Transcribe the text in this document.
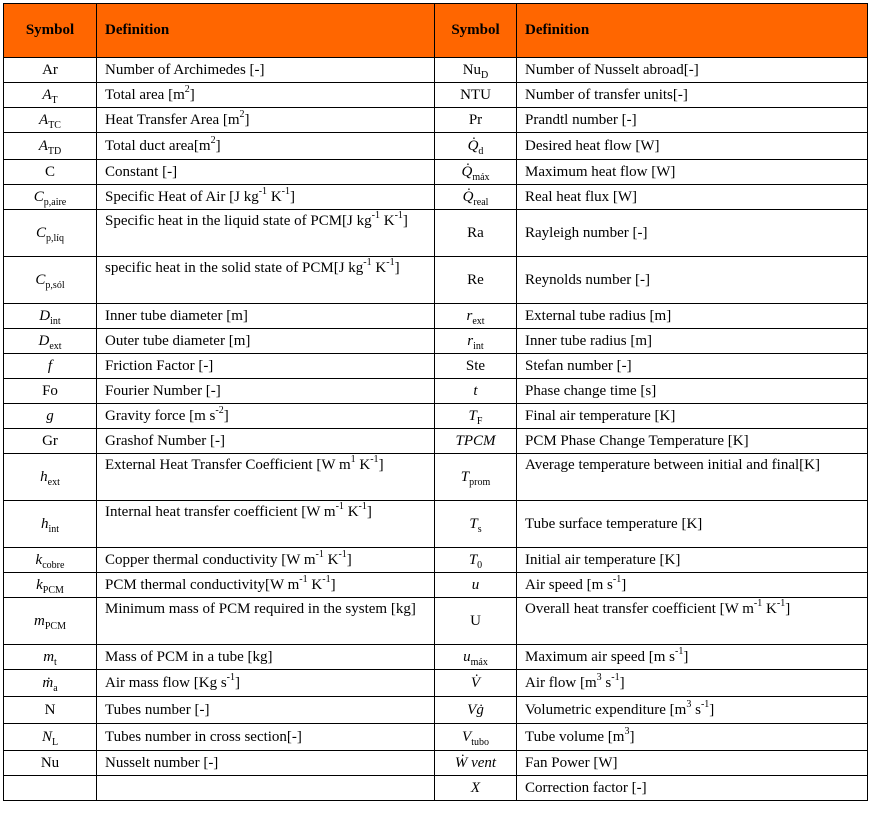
Symbol	Definition	Symbol	Definition
Ar	Number of Archimedes [-]	$Nu_D$	Number of Nusselt abroad[-]
$A_T$	Total area $[m^2]$	NTU	Number of transfer units[-]
$A_{TC}$	Heat Transfer Area $[m^2]$	Pr	Prandtl number [-]
$A_{TD}$	Total duct $area[m^2]$	$Q̇_d$	Desired heat flow [W]
C	Constant [-]	$Q̇_{máx}$	Maximum heat flow [W]
$C_{p,aire}$	Specific Heat of Air [J $kg^{-1}$ $K^{-1}$]	$Q̇_{real}$	Real heat flux [W]
$C_{p,líq}$	Specific heat in the liquid state of PCM[J $kg^{-1}$ $K^{-1}$]	Ra	Rayleigh number [-]
$C_{p,sól}$	specific heat in the solid state of PCM[J $kg^{-1}$ $K^{-1}$]	Re	Reynolds number [-]
$D_{int}$	Inner tube diameter [m]	$r_{ext}$	External tube radius [m]
$D_{ext}$	Outer tube diameter [m]	$r_{int}$	Inner tube radius [m]
f	Friction Factor [-]	Ste	Stefan number [-]
Fo	Fourier Number [-]	t	Phase change time [s]
g	Gravity force [m $s^{-2}$]	$T_F$	Final air temperature [K]
Gr	Grashof Number [-]	TPCM	PCM Phase Change Temperature [K]
$h_{ext}$	External Heat Transfer Coefficient [W $m^1$ $K^{-1}$]	$T_{prom}$	Average temperature between initial and final[K]
$h_{int}$	Internal heat transfer coefficient [W $m^{-1}$ $K^{-1}$]	$T_s$	Tube surface temperature [K]
$k_{cobre}$	Copper thermal conductivity [W $m^{-1}$ $K^{-1}$]	$T_0$	Initial air temperature [K]
$k_{PCM}$	PCM thermal conductivity[W $m^{-1}$ $K^{-1}$]	u	Air speed [m $s^{-1}$]
$m_{PCM}$	Minimum mass of PCM required in the system [kg]	U	Overall heat transfer coefficient [W $m^{-1}$ $K^{-1}$]
$m_t$	Mass of PCM in a tube [kg]	$u_{máx}$	Maximum air speed [m $s^{-1}$]
ṁ$_a$	Air mass flow [Kg $s^{-1}$]	V̇	Air flow [$m^3$ $s^{-1}$]
N	Tubes number [-]	Vġ	Volumetric expenditure [$m^3$ $s^{-1}$]
$N_L$	Tubes number in cross section[-]	$V_{tubo}$	Tube volume $[m^3]$
Nu	Nusselt number [-]	Ẇ vent	Fan Power [W]
		X	Correction factor [-]
